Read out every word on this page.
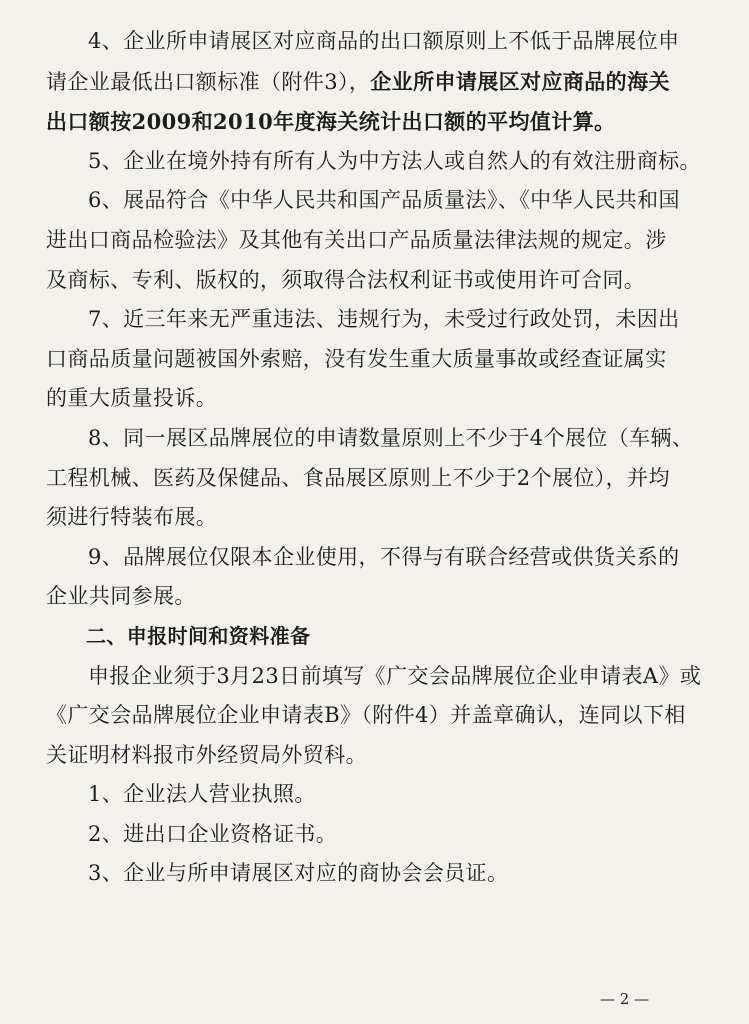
4、企业所申请展区对应商品的出口额原则上不低于品牌展位申
请企业最低出口额标准（附件3），企业所申请展区对应商品的海关
出口额按2009和2010年度海关统计出口额的平均值计算。

5、企业在境外持有所有人为中方法人或自然人的有效注册商标。

6、展品符合《中华人民共和国产品质量法》、《中华人民共和国
进出口商品检验法》及其他有关出口产品质量法律法规的规定。涉
及商标、专利、版权的，须取得合法权利证书或使用许可合同。

7、近三年来无严重违法、违规行为，未受过行政处罚，未因出
口商品质量问题被国外索赔，没有发生重大质量事故或经查证属实
的重大质量投诉。

8、同一展区品牌展位的申请数量原则上不少于4个展位（车辆、
工程机械、医药及保健品、食品展区原则上不少于2个展位），并均
须进行特装布展。

9、品牌展位仅限本企业使用，不得与有联合经营或供货关系的
企业共同参展。

二、申报时间和资料准备

申报企业须于3月23日前填写《广交会品牌展位企业申请表A》或
《广交会品牌展位企业申请表B》（附件4）并盖章确认，连同以下相
关证明材料报市外经贸局外贸科。

1、企业法人营业执照。
2、进出口企业资格证书。
3、企业与所申请展区对应的商协会会员证。

— 2 —
